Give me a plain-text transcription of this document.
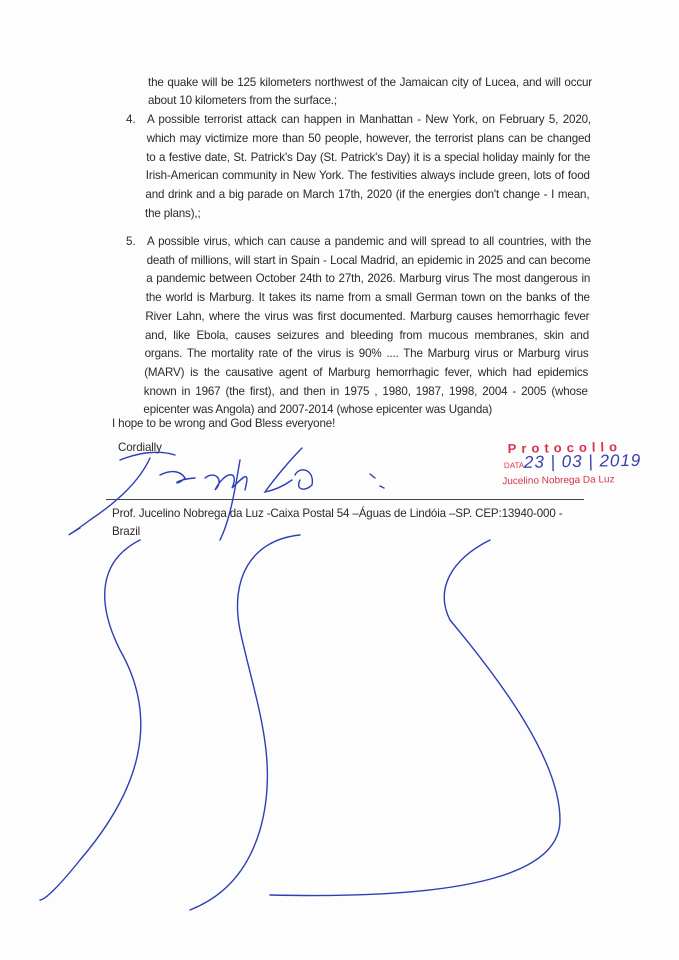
the quake will be 125 kilometers northwest of the Jamaican city of Lucea, and will occur
about 10 kilometers from the surface.;
4. A possible terrorist attack can happen in Manhattan - New York, on February 5, 2020,
which may victimize more than 50 people, however, the terrorist plans can be changed
to a festive date, St. Patrick's Day (St. Patrick's Day) it is a special holiday mainly for the
Irish-American community in New York. The festivities always include green, lots of food
and drink and a big parade on March 17th, 2020 (if the energies don't change - I mean,
the plans),;
5. A possible virus, which can cause a pandemic and will spread to all countries, with the
death of millions, will start in Spain - Local Madrid, an epidemic in 2025 and can become
a pandemic between October 24th to 27th, 2026. Marburg virus The most dangerous in
the world is Marburg. It takes its name from a small German town on the banks of the
River Lahn, where the virus was first documented. Marburg causes hemorrhagic fever
and, like Ebola, causes seizures and bleeding from mucous membranes, skin and
organs. The mortality rate of the virus is 90% .... The Marburg virus or Marburg virus
(MARV) is the causative agent of Marburg hemorrhagic fever, which had epidemics
known in 1967 (the first), and then in 1975 , 1980, 1987, 1998, 2004 - 2005 (whose
epicenter was Angola) and 2007-2014 (whose epicenter was Uganda)
I hope to be wrong and God Bless everyone!
Cordially
Prof. Jucelino Nobrega da Luz -Caixa Postal 54 –Águas de Lindóia –SP. CEP:13940-000 -
Brazil
Protocollo
DATA 23 | 03 | 2019
Jucelino Nobrega Da Luz
